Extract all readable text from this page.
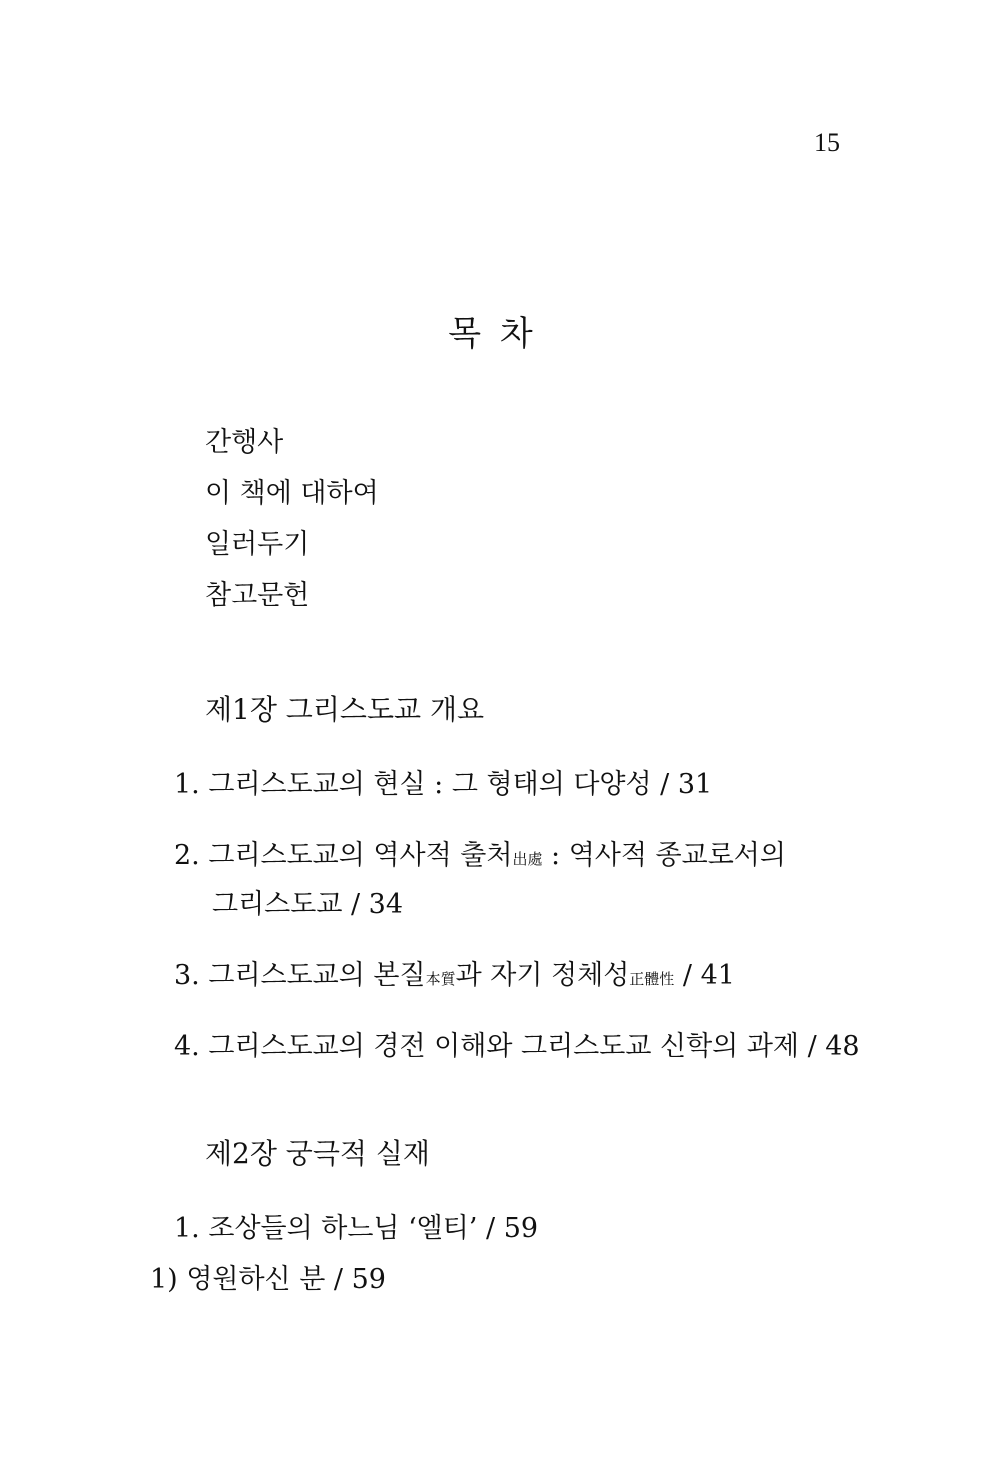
15
목 차
간행사
이 책에 대하여
일러두기
참고문헌
제1장 그리스도교 개요
1. 그리스도교의 현실 : 그 형태의 다양성 / 31
2. 그리스도교의 역사적 출처出處 : 역사적 종교로서의
그리스도교 / 34
3. 그리스도교의 본질本質과 자기 정체성正體性 / 41
4. 그리스도교의 경전 이해와 그리스도교 신학의 과제 / 48
제2장 궁극적 실재
1. 조상들의 하느님 ‘엘티’ / 59
1) 영원하신 분 / 59
